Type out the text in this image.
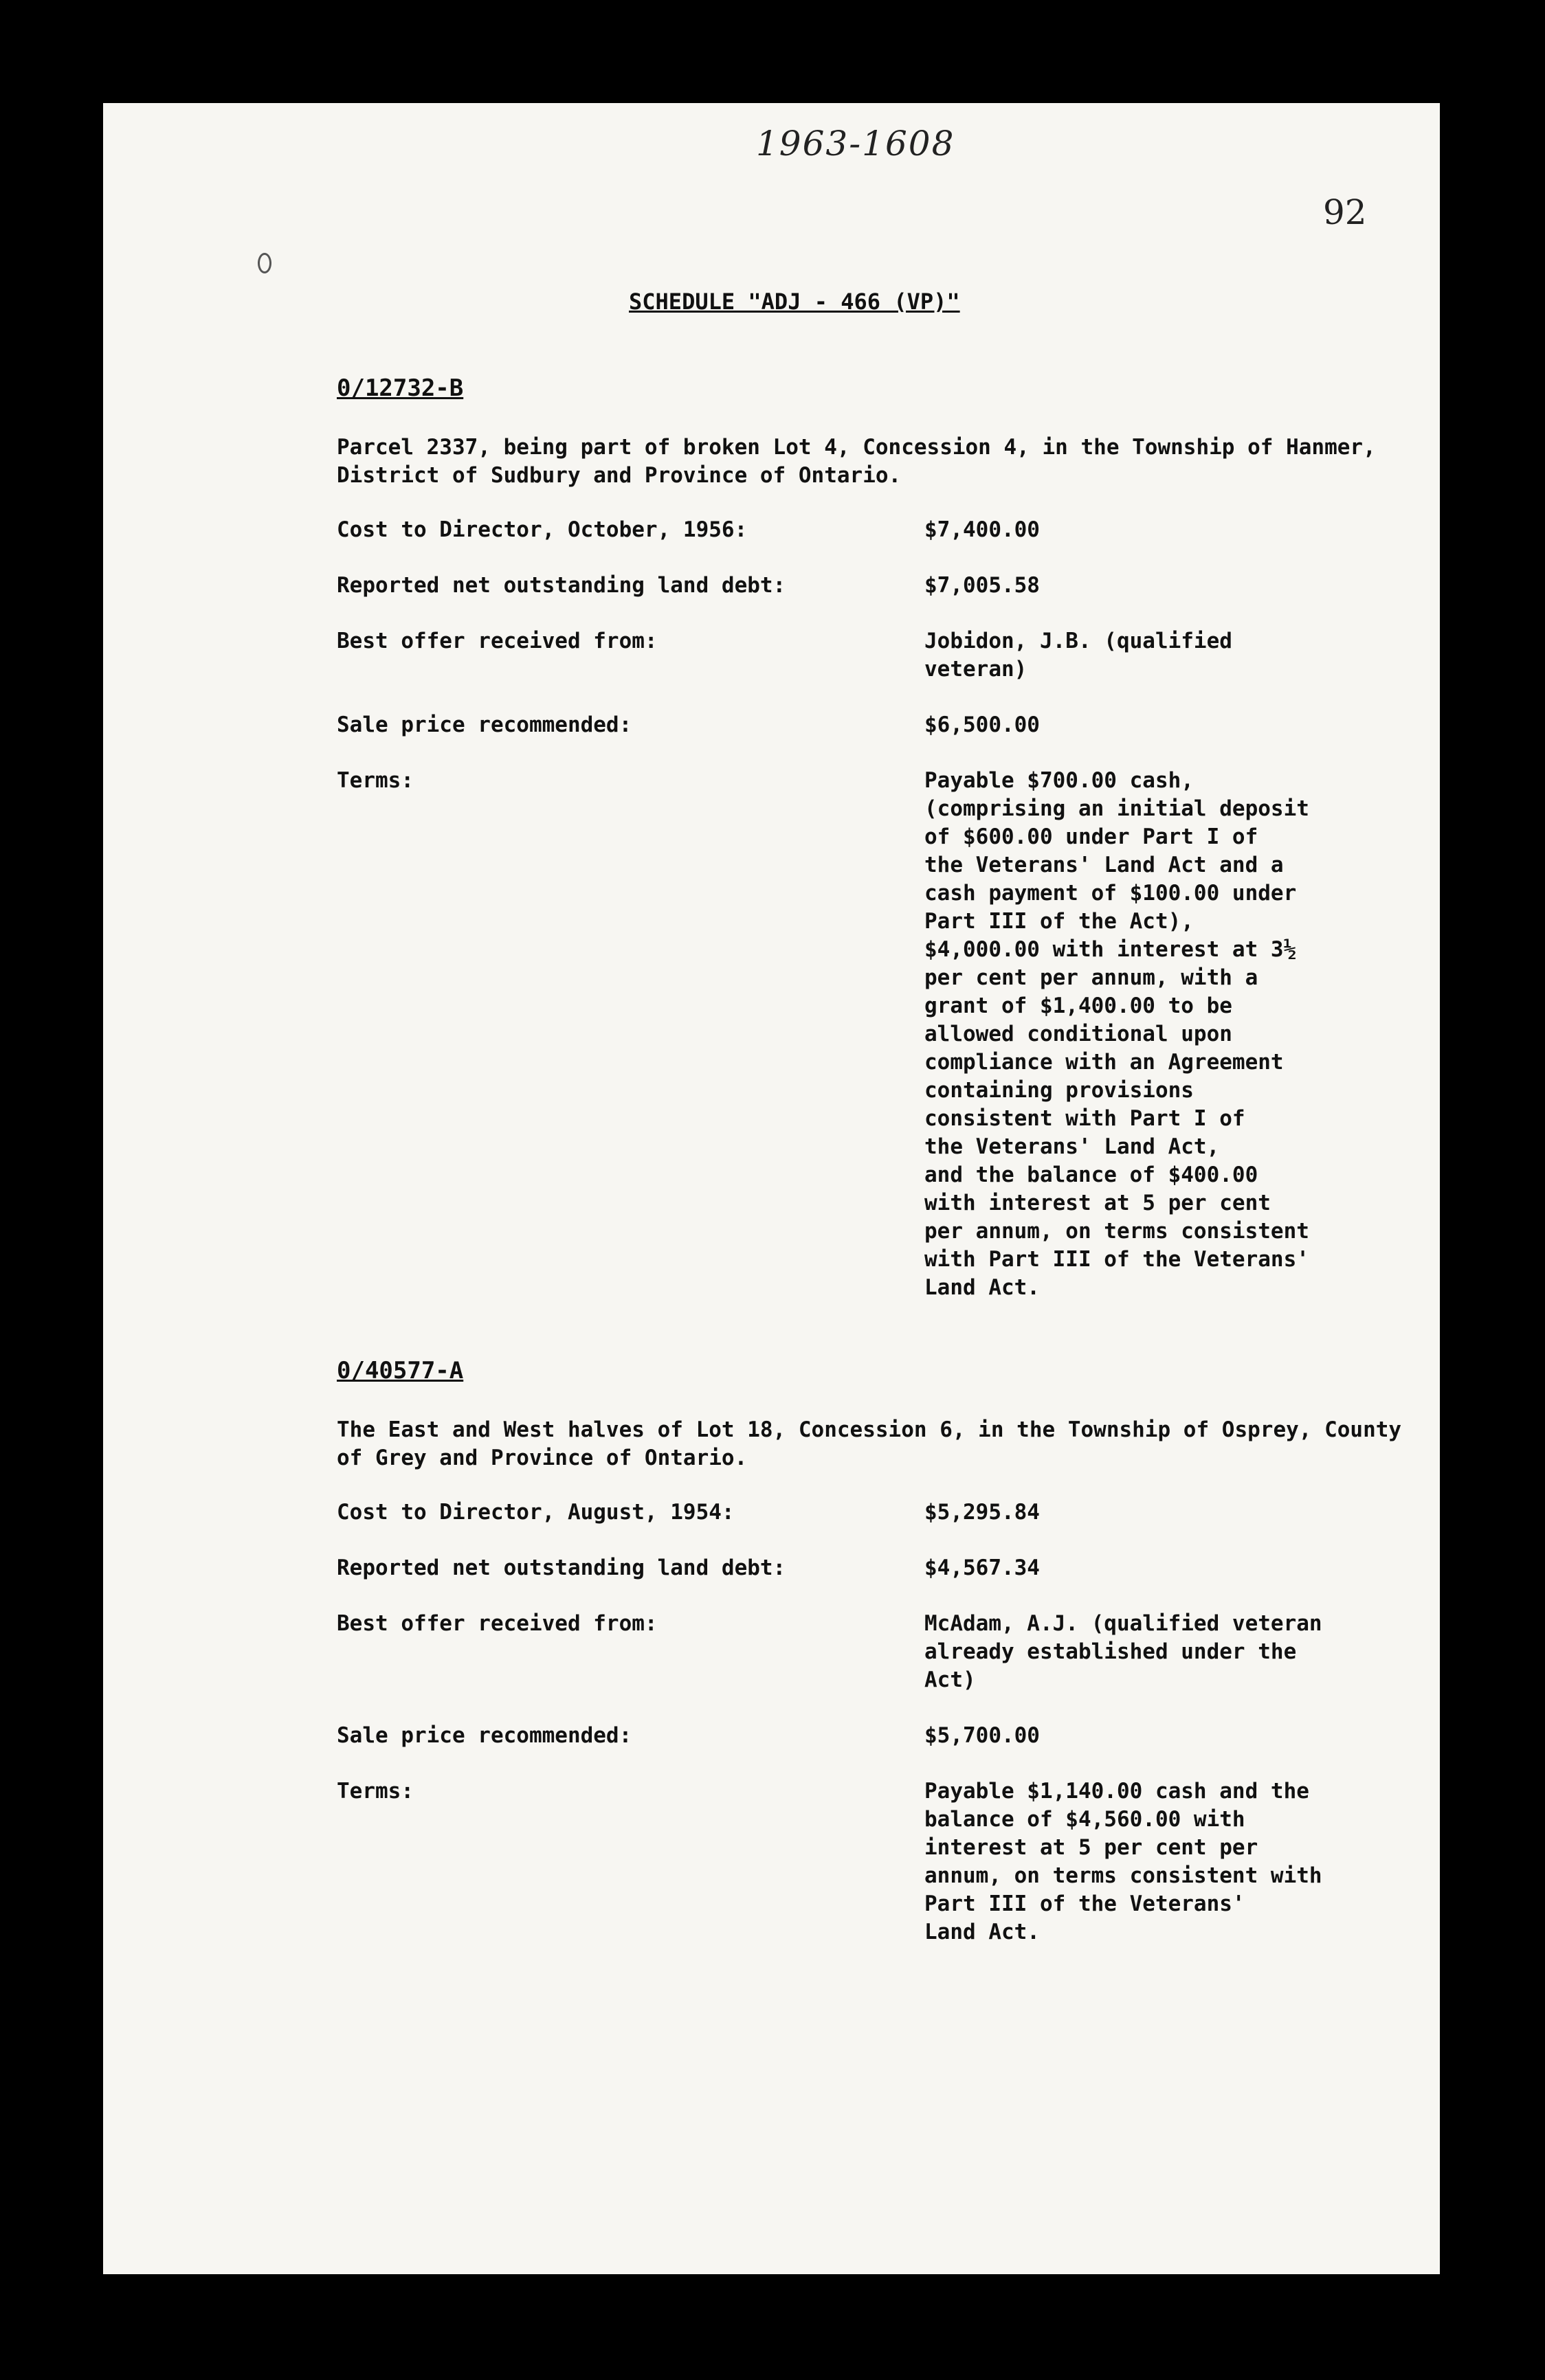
1963-1608
92
SCHEDULE "ADJ - 466 (VP)"
0/12732-B
Parcel 2337, being part of broken Lot 4, Concession 4, in the Township of Hanmer, District of Sudbury and Province of Ontario.
Cost to Director, October, 1956:	$7,400.00
Reported net outstanding land debt:	$7,005.58
Best offer received from:	Jobidon, J.B. (qualified
veteran)
Sale price recommended:	$6,500.00
Terms:	Payable $700.00 cash,
(comprising an initial deposit
of $600.00 under Part I of
the Veterans' Land Act and a
cash payment of $100.00 under
Part III of the Act),
$4,000.00 with interest at 3½
per cent per annum, with a
grant of $1,400.00 to be
allowed conditional upon
compliance with an Agreement
containing provisions
consistent with Part I of
the Veterans' Land Act,
and the balance of $400.00
with interest at 5 per cent
per annum, on terms consistent
with Part III of the Veterans'
Land Act.
0/40577-A
The East and West halves of Lot 18, Concession 6, in the Township of Osprey, County of Grey and Province of Ontario.
Cost to Director, August, 1954:	$5,295.84
Reported net outstanding land debt:	$4,567.34
Best offer received from:	McAdam, A.J. (qualified veteran
already established under the
Act)
Sale price recommended:	$5,700.00
Terms:	Payable $1,140.00 cash and the
balance of $4,560.00 with
interest at 5 per cent per
annum, on terms consistent with
Part III of the Veterans'
Land Act.
